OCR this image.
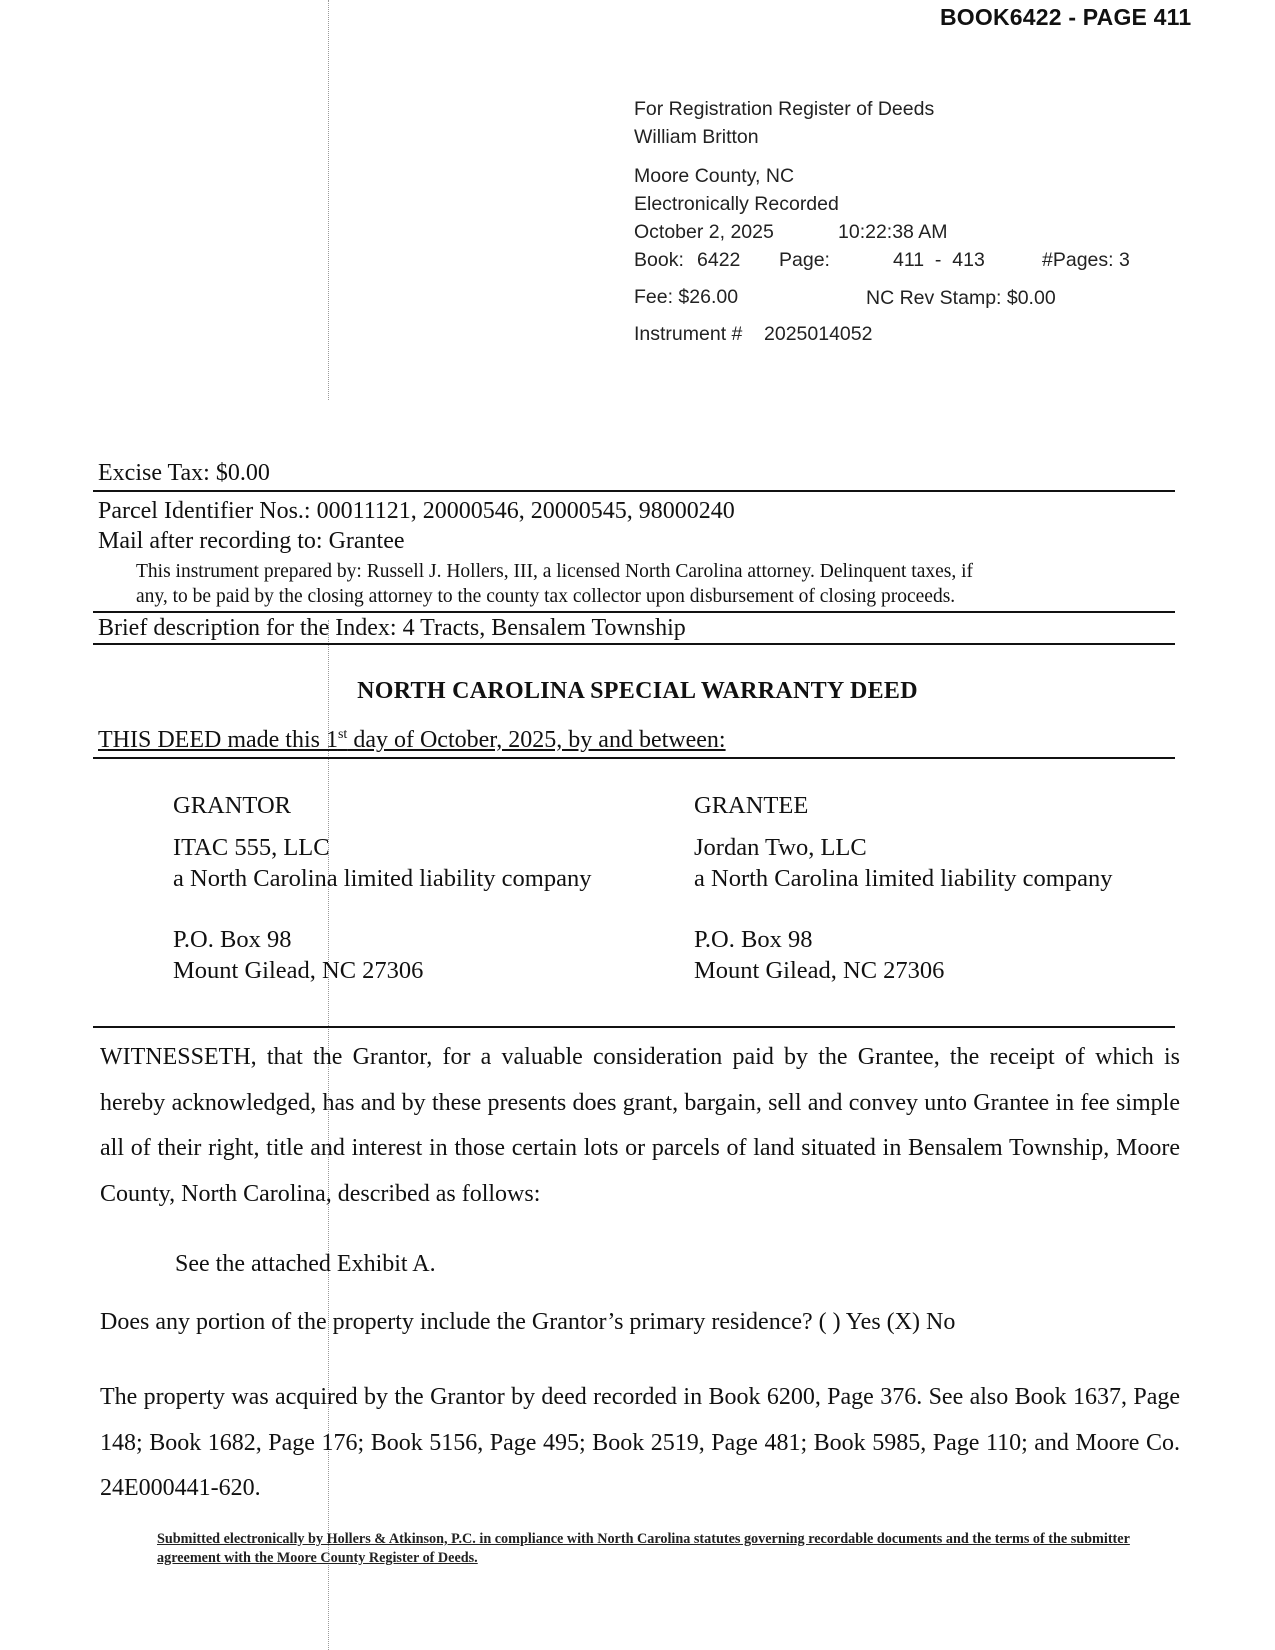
BOOK6422 - PAGE 411
For Registration Register of Deeds
William Britton
Moore County, NC
Electronically Recorded
October 2, 2025	10:22:38 AM
Book: 6422 Page:	411  -  413	#Pages: 3
Fee: $26.00	NC Rev Stamp: $0.00
Instrument # 2025014052
Excise Tax: $0.00
Parcel Identifier Nos.: 00011121, 20000546, 20000545, 98000240
Mail after recording to: Grantee
This instrument prepared by: Russell J. Hollers, III, a licensed North Carolina attorney. Delinquent taxes, if
any, to be paid by the closing attorney to the county tax collector upon disbursement of closing proceeds.
Brief description for the Index: 4 Tracts, Bensalem Township
NORTH CAROLINA SPECIAL WARRANTY DEED
THIS DEED made this 1st day of October, 2025, by and between:
GRANTOR
ITAC 555, LLC
a North Carolina limited liability company
P.O. Box 98
Mount Gilead, NC 27306
GRANTEE
Jordan Two, LLC
a North Carolina limited liability company
P.O. Box 98
Mount Gilead, NC 27306
WITNESSETH, that the Grantor, for a valuable consideration paid by the Grantee, the receipt of which is hereby acknowledged, has and by these presents does grant, bargain, sell and convey unto Grantee in fee simple all of their right, title and interest in those certain lots or parcels of land situated in Bensalem Township, Moore County, North Carolina, described as follows:
See the attached Exhibit A.
Does any portion of the property include the Grantor’s primary residence? ( ) Yes (X) No
The property was acquired by the Grantor by deed recorded in Book 6200, Page 376. See also Book 1637, Page 148; Book 1682, Page 176; Book 5156, Page 495; Book 2519, Page 481; Book 5985, Page 110; and Moore Co. 24E000441-620.
Submitted electronically by Hollers & Atkinson, P.C. in compliance with North Carolina statutes governing recordable documents and the terms of the submitter agreement with the Moore County Register of Deeds.
